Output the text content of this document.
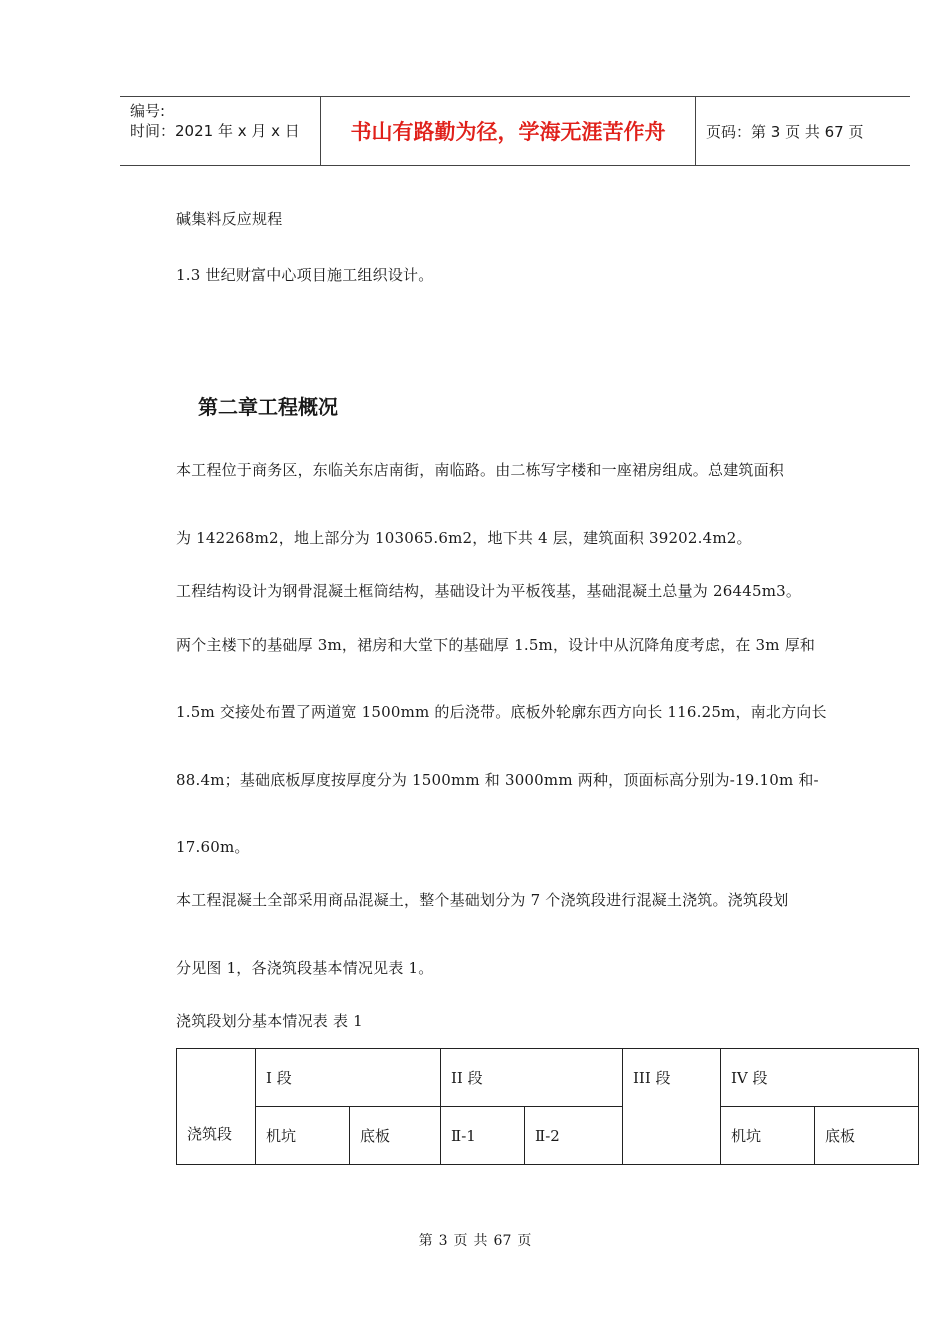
编号:
时间：2021 年 x 月 x 日	书山有路勤为径，学海无涯苦作舟	页码：第 3 页 共 67 页
碱集料反应规程
1.3 世纪财富中心项目施工组织设计。
第二章工程概况
本工程位于商务区，东临关东店南街，南临路。由二栋写字楼和一座裙房组成。总建筑面积
为 142268m2，地上部分为 103065.6m2，地下共 4 层，建筑面积 39202.4m2。
工程结构设计为钢骨混凝土框筒结构，基础设计为平板筏基，基础混凝土总量为 26445m3。
两个主楼下的基础厚 3m，裙房和大堂下的基础厚 1.5m，设计中从沉降角度考虑，在 3m 厚和
1.5m 交接处布置了两道宽 1500mm 的后浇带。底板外轮廓东西方向长 116.25m，南北方向长
88.4m；基础底板厚度按厚度分为 1500mm 和 3000mm 两种，顶面标高分别为-19.10m 和-
17.60m。
本工程混凝土全部采用商品混凝土，整个基础划分为 7 个浇筑段进行混凝土浇筑。浇筑段划
分见图 1，各浇筑段基本情况见表 1。
浇筑段划分基本情况表 表 1
浇筑段	I 段		II 段		III 段	IV 段	
	机坑	底板	Ⅱ-1	Ⅱ-2		机坑	底板
第 3 页 共 67 页
